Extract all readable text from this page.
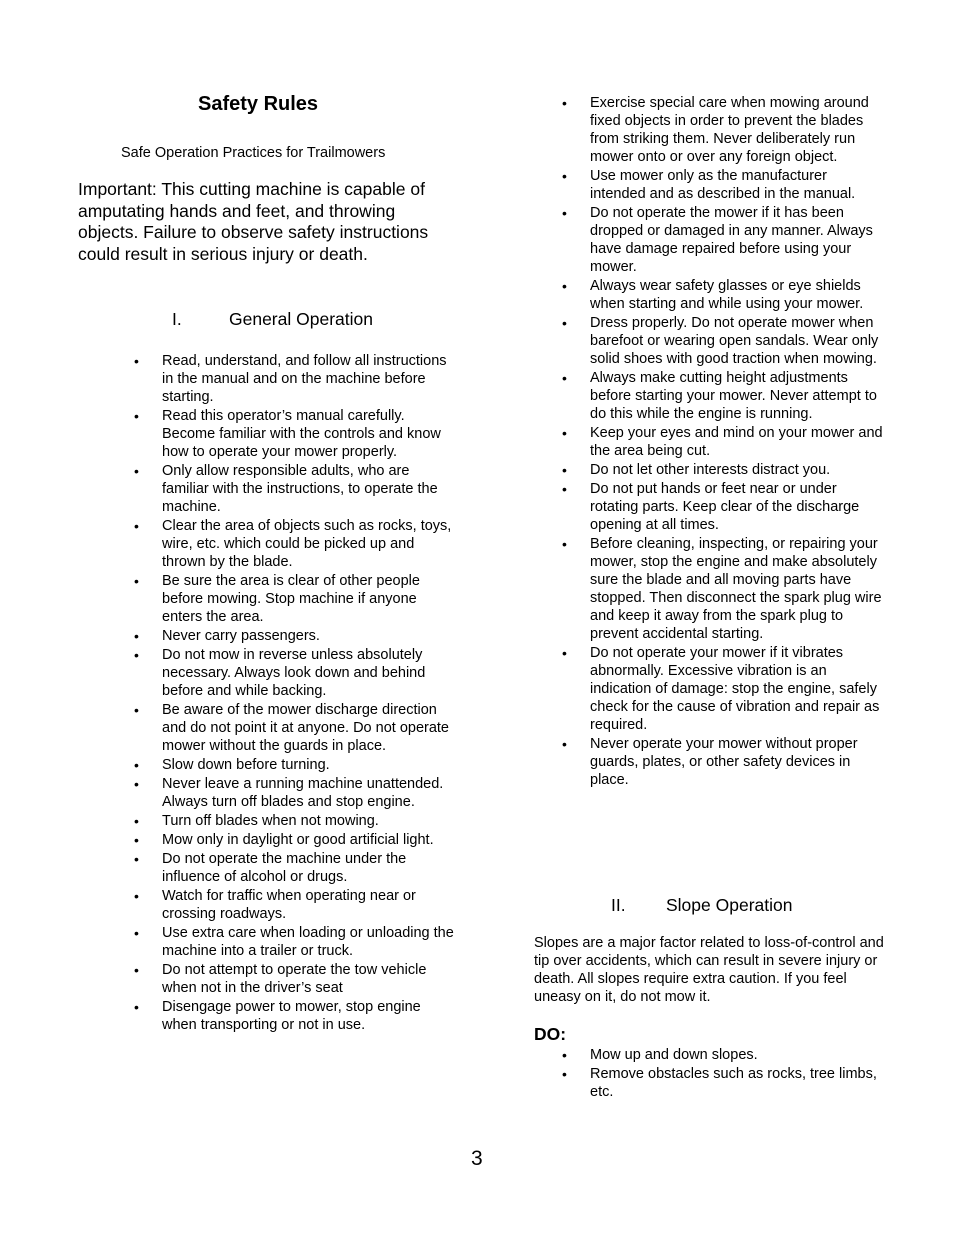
Safety Rules

Safe Operation Practices for Trailmowers

Important: This cutting machine is capable of amputating hands and feet, and throwing objects. Failure to observe safety instructions could result in serious injury or death.

I.	General Operation
• Read, understand, and follow all instructions in the manual and on the machine before starting.
• Read this operator’s manual carefully. Become familiar with the controls and know how to operate your mower properly.
• Only allow responsible adults, who are familiar with the instructions, to operate the machine.
• Clear the area of objects such as rocks, toys, wire, etc. which could be picked up and thrown by the blade.
• Be sure the area is clear of other people before mowing. Stop machine if anyone enters the area.
• Never carry passengers.
• Do not mow in reverse unless absolutely necessary. Always look down and behind before and while backing.
• Be aware of the mower discharge direction and do not point it at anyone. Do not operate mower without the guards in place.
• Slow down before turning.
• Never leave a running machine unattended. Always turn off blades and stop engine.
• Turn off blades when not mowing.
• Mow only in daylight or good artificial light.
• Do not operate the machine under the influence of alcohol or drugs.
• Watch for traffic when operating near or crossing roadways.
• Use extra care when loading or unloading the machine into a trailer or truck.
• Do not attempt to operate the tow vehicle when not in the driver’s seat
• Disengage power to mower, stop engine when transporting or not in use.
• Exercise special care when mowing around fixed objects in order to prevent the blades from striking them. Never deliberately run mower onto or over any foreign object.
• Use mower only as the manufacturer intended and as described in the manual.
• Do not operate the mower if it has been dropped or damaged in any manner. Always have damage repaired before using your mower.
• Always wear safety glasses or eye shields when starting and while using your mower.
• Dress properly. Do not operate mower when barefoot or wearing open sandals. Wear only solid shoes with good traction when mowing.
• Always make cutting height adjustments before starting your mower. Never attempt to do this while the engine is running.
• Keep your eyes and mind on your mower and the area being cut.
• Do not let other interests distract you.
• Do not put hands or feet near or under rotating parts. Keep clear of the discharge opening at all times.
• Before cleaning, inspecting, or repairing your mower, stop the engine and make absolutely sure the blade and all moving parts have stopped. Then disconnect the spark plug wire and keep it away from the spark plug to prevent accidental starting.
• Do not operate your mower if it vibrates abnormally. Excessive vibration is an indication of damage: stop the engine, safely check for the cause of vibration and repair as required.
• Never operate your mower without proper guards, plates, or other safety devices in place.
II. Slope Operation

Slopes are a major factor related to loss-of-control and tip over accidents, which can result in severe injury or death. All slopes require extra caution. If you feel uneasy on it, do not mow it.

DO:

• Mow up and down slopes.
• Remove obstacles such as rocks, tree limbs, etc.

3
